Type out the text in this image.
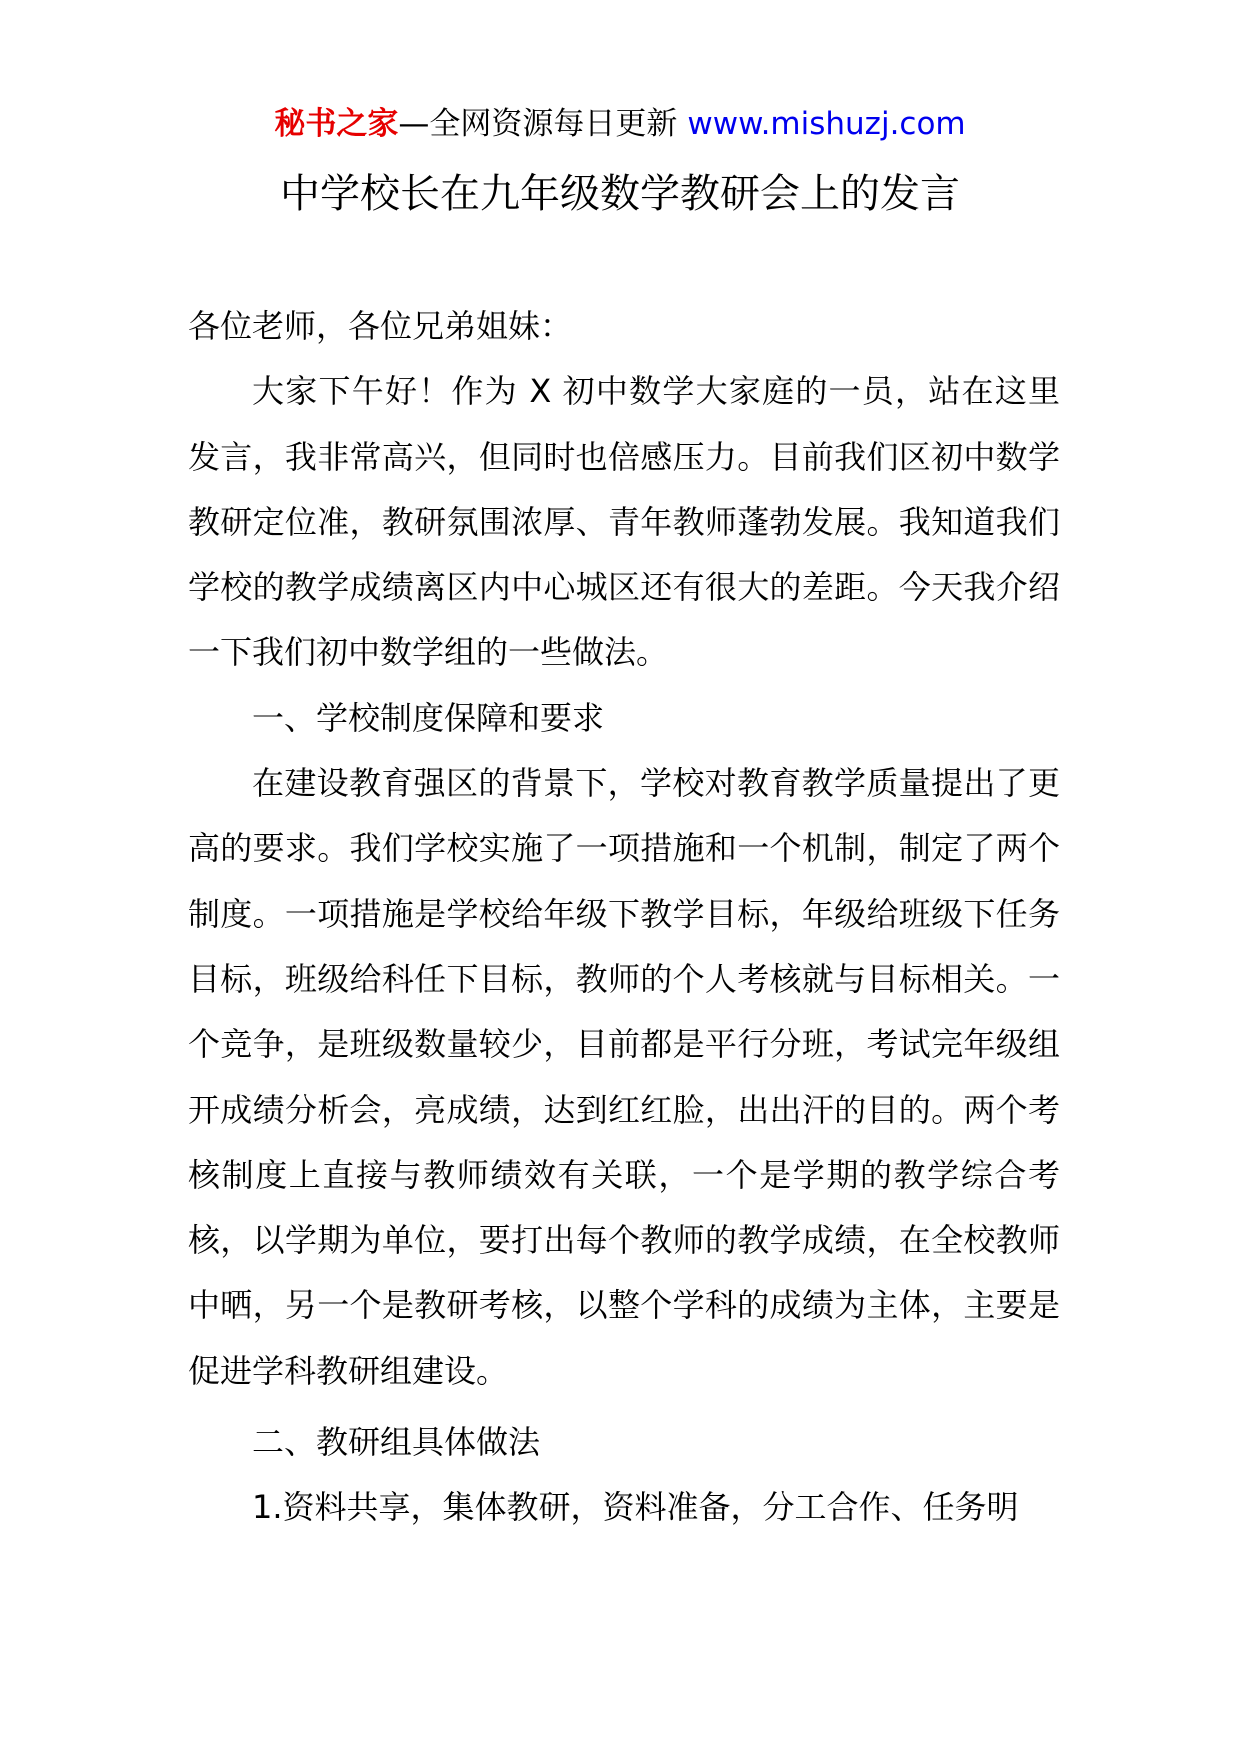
秘书之家—全网资源每日更新 www.mishuzj.com
中学校长在九年级数学教研会上的发言

各位老师，各位兄弟姐妹：

大家下午好！作为 X 初中数学大家庭的一员，站在这里发言，我非常高兴，但同时也倍感压力。目前我们区初中数学教研定位准，教研氛围浓厚、青年教师蓬勃发展。我知道我们学校的教学成绩离区内中心城区还有很大的差距。今天我介绍一下我们初中数学组的一些做法。

一、学校制度保障和要求

在建设教育强区的背景下，学校对教育教学质量提出了更高的要求。我们学校实施了一项措施和一个机制，制定了两个制度。一项措施是学校给年级下教学目标，年级给班级下任务目标，班级给科任下目标，教师的个人考核就与目标相关。一个竞争，是班级数量较少，目前都是平行分班，考试完年级组开成绩分析会，亮成绩，达到红红脸，出出汗的目的。两个考核制度上直接与教师绩效有关联，一个是学期的教学综合考核，以学期为单位，要打出每个教师的教学成绩，在全校教师中晒，另一个是教研考核，以整个学科的成绩为主体，主要是促进学科教研组建设。

二、教研组具体做法

1.资料共享，集体教研，资料准备，分工合作、任务明
